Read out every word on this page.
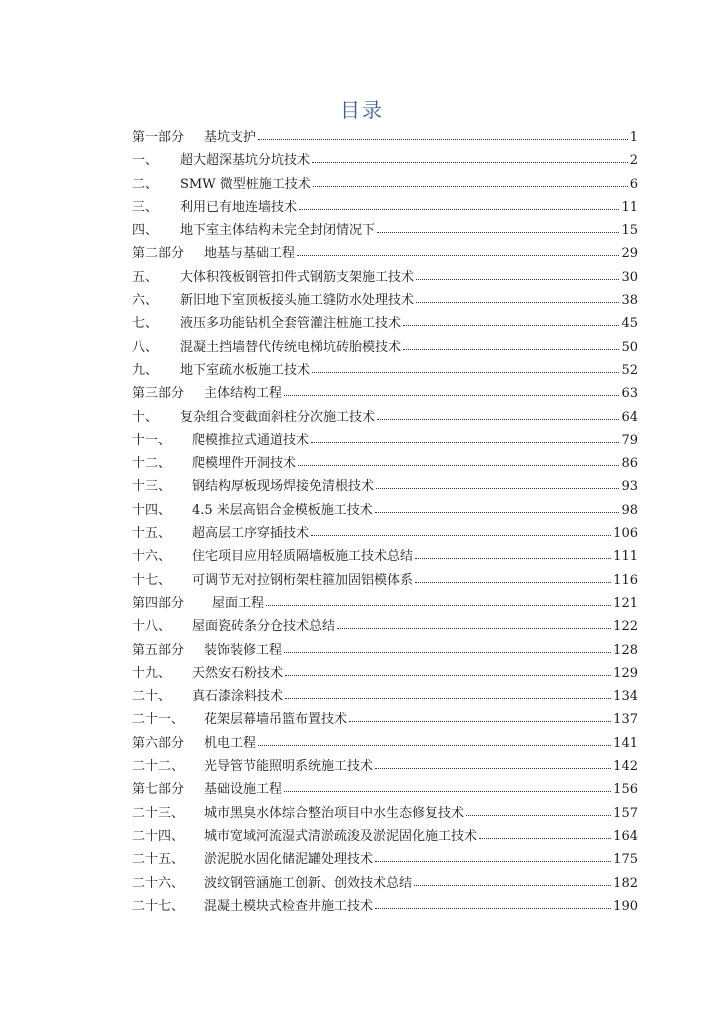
目录
第一部分	基坑支护	1
一、	超大超深基坑分坑技术	2
二、	SMW 微型桩施工技术	6
三、	利用已有地连墙技术	11
四、	地下室主体结构未完全封闭情况下	15
第二部分	地基与基础工程	29
五、	大体积筏板钢管扣件式钢筋支架施工技术	30
六、	新旧地下室顶板接头施工缝防水处理技术	38
七、	液压多功能钻机全套管灌注桩施工技术	45
八、	混凝土挡墙替代传统电梯坑砖胎模技术	50
九、	地下室疏水板施工技术	52
第三部分	主体结构工程	63
十、	复杂组合变截面斜柱分次施工技术	64
十一、	爬模推拉式通道技术	79
十二、	爬模埋件开洞技术	86
十三、	钢结构厚板现场焊接免清根技术	93
十四、	4.5 米层高铝合金模板施工技术	98
十五、	超高层工序穿插技术	106
十六、	住宅项目应用轻质隔墙板施工技术总结	111
十七、	可调节无对拉钢桁架柱箍加固铝模体系	116
第四部分	屋面工程	121
十八、	屋面瓷砖条分仓技术总结	122
第五部分	装饰装修工程	128
十九、	天然安石粉技术	129
二十、	真石漆涂料技术	134
二十一、	花架层幕墙吊篮布置技术	137
第六部分	机电工程	141
二十二、	光导管节能照明系统施工技术	142
第七部分	基础设施工程	156
二十三、	城市黑臭水体综合整治项目中水生态修复技术	157
二十四、	城市宽域河流湿式清淤疏浚及淤泥固化施工技术	164
二十五、	淤泥脱水固化储泥罐处理技术	175
二十六、	波纹钢管涵施工创新、创效技术总结	182
二十七、	混凝土模块式检查井施工技术	190
